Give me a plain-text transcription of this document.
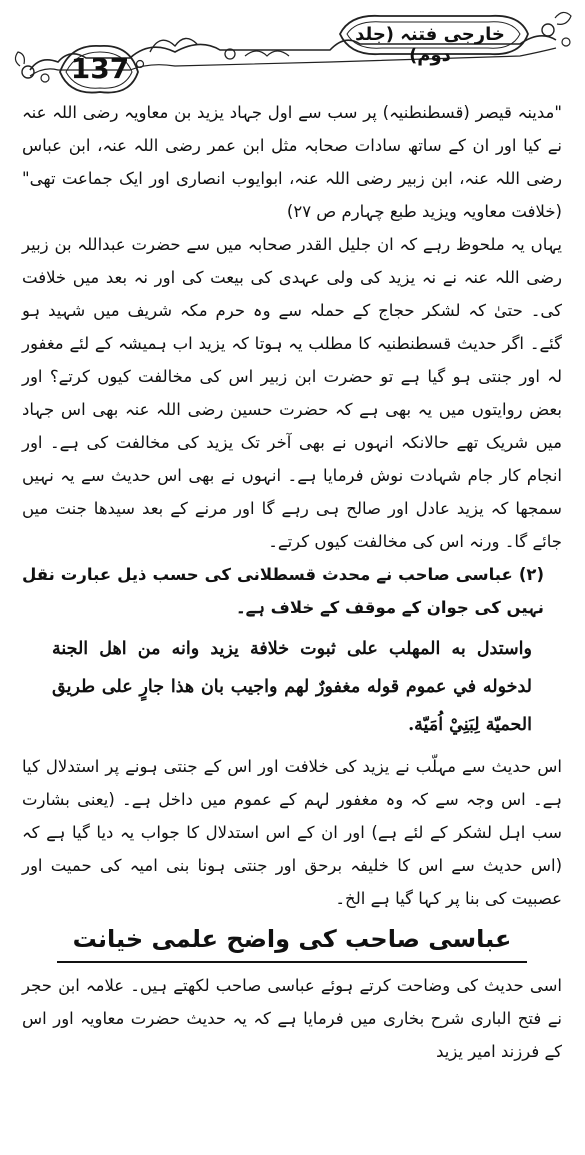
137
خارجی فتنہ (جلد دوم)

"مدینہ قیصر (قسطنطنیہ) پر سب سے اول جہاد یزید بن معاویہ رضی اللہ عنہ نے کیا اور ان کے ساتھ سادات صحابہ مثل ابن عمر رضی اللہ عنہ، ابن عباس رضی اللہ عنہ، ابن زبیر رضی اللہ عنہ، ابوایوب انصاری اور ایک جماعت تھی" (خلافت معاویہ ویزید طبع چہارم ص ۲۷)

یہاں یہ ملحوظ رہے کہ ان جلیل القدر صحابہ میں سے حضرت عبداللہ بن زبیر رضی اللہ عنہ نے نہ یزید کی ولی عہدی کی بیعت کی اور نہ بعد میں خلافت کی۔ حتیٰ کہ لشکر حجاج کے حملہ سے وہ حرم مکہ شریف میں شہید ہو گئے۔ اگر حدیث قسطنطنیہ کا مطلب یہ ہوتا کہ یزید اب ہمیشہ کے لئے مغفور لہ اور جنتی ہو گیا ہے تو حضرت ابن زبیر اس کی مخالفت کیوں کرتے؟ اور بعض روایتوں میں یہ بھی ہے کہ حضرت حسین رضی اللہ عنہ بھی اس جہاد میں شریک تھے حالانکہ انہوں نے بھی آخر تک یزید کی مخالفت کی ہے۔ اور انجام کار جام شہادت نوش فرمایا ہے۔ انہوں نے بھی اس حدیث سے یہ نہیں سمجھا کہ یزید عادل اور صالح ہی رہے گا اور مرنے کے بعد سیدھا جنت میں جائے گا۔ ورنہ اس کی مخالفت کیوں کرتے۔

(۲) عباسی صاحب نے محدث قسطلانی کی حسب ذیل عبارت نقل نہیں کی جوان کے موقف کے خلاف ہے۔

واستدل به المهلب على ثبوت خلافة يزيد وانه من اهل الجنة لدخوله في عموم قوله مغفورٌ لهم واجيب بان هذا جارٍ على طريق الحميّة لِبَنِيْ اُمَيّة.

اس حدیث سے مہلّب نے یزید کی خلافت اور اس کے جنتی ہونے پر استدلال کیا ہے۔ اس وجہ سے کہ وہ مغفور لہم کے عموم میں داخل ہے۔ (یعنی بشارت سب اہل لشکر کے لئے ہے) اور ان کے اس استدلال کا جواب یہ دیا گیا ہے کہ (اس حدیث سے اس کا خلیفہ برحق اور جنتی ہونا بنی امیہ کی حمیت اور عصبیت کی بنا پر کہا گیا ہے الخ۔

عباسی صاحب کی واضح علمی خیانت

اسی حدیث کی وضاحت کرتے ہوئے عباسی صاحب لکھتے ہیں۔ علامہ ابن حجر نے فتح الباری شرح بخاری میں فرمایا ہے کہ یہ حدیث حضرت معاویہ اور اس کے فرزند امیر یزید
